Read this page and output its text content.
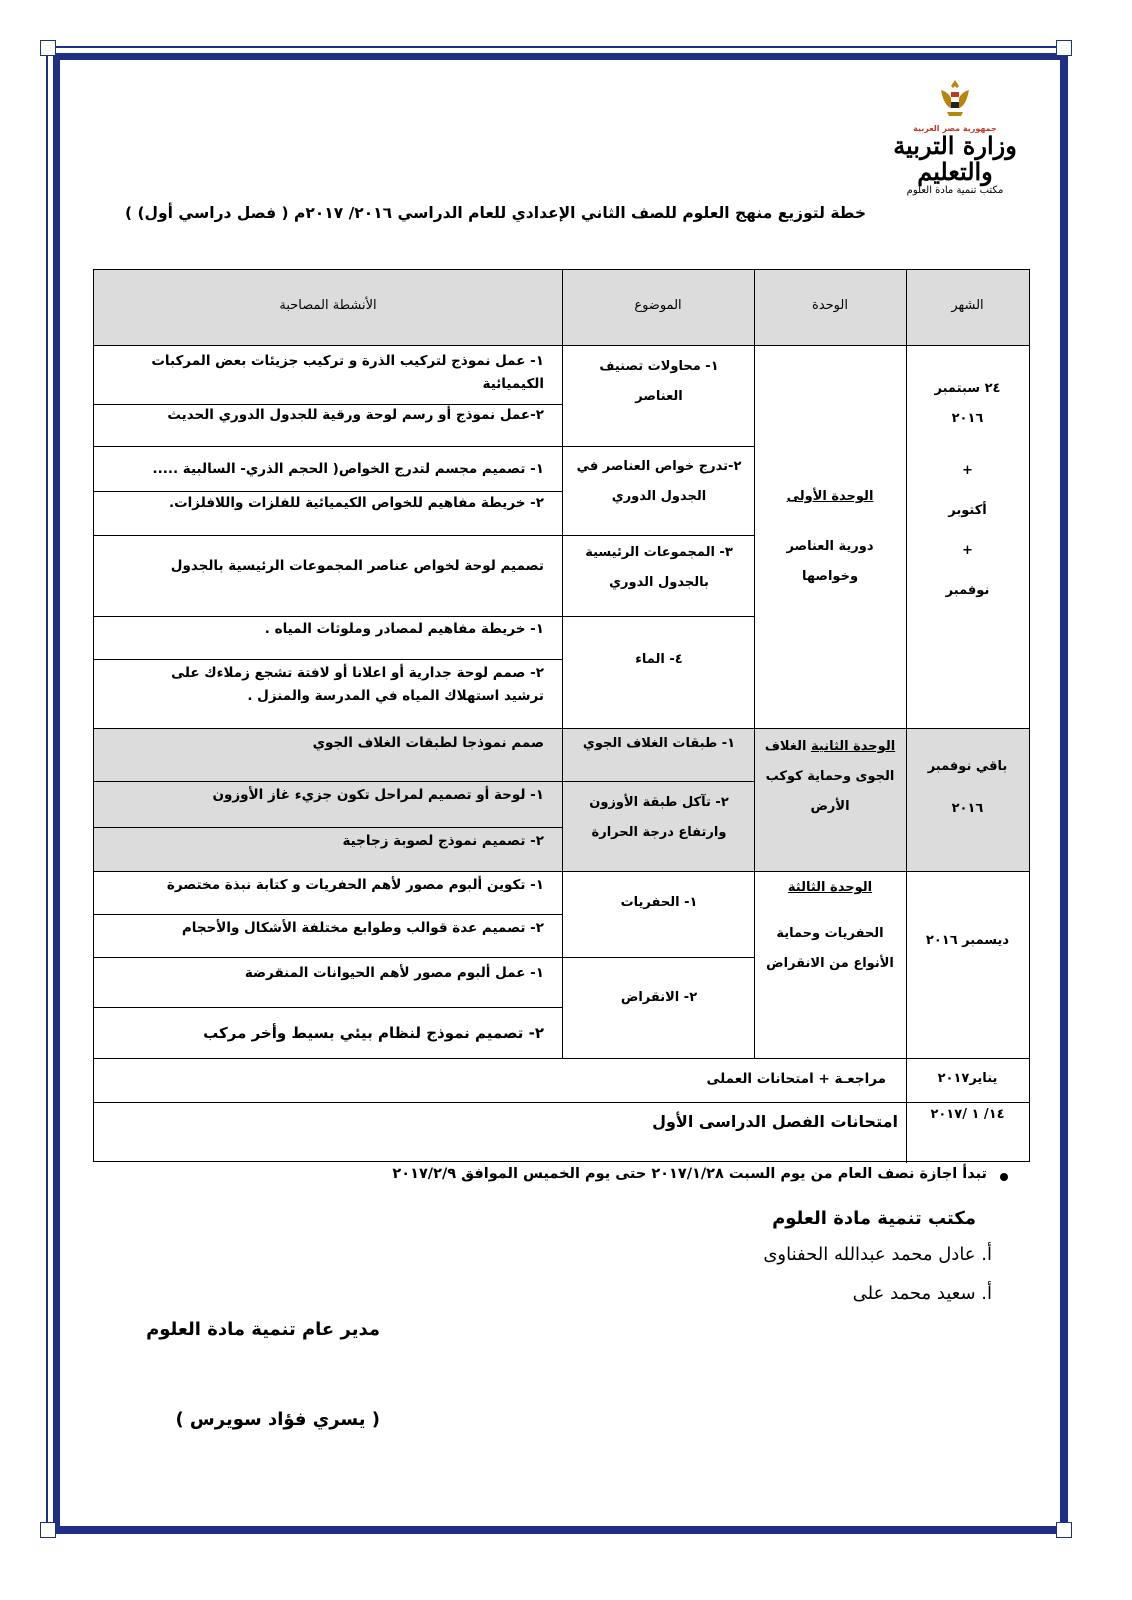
جمهورية مصر العربية
وزارة التربية والتعليم
مكتب تنمية مادة العلوم
خطة لتوزيع منهج العلوم للصف الثاني الإعدادي للعام الدراسي ٢٠١٦/ ٢٠١٧م ( فصل دراسي أول) )
الشهر
الوحدة
الموضوع
الأنشطة المصاحبة
٢٤ سبتمبر
٢٠١٦
+
أكتوبر
+
نوفمبر
الوحدة الأولى
دورية العناصر وخواصها
١- محاولات تصنيف العناصر
٢-تدرج خواص العناصر في الجدول الدوري
٣- المجموعات الرئيسية بالجدول الدوري
٤- الماء
١- عمل نموذج لتركيب الذرة و تركيب جزيئات بعض المركبات الكيميائية
٢-عمل نموذج أو رسم لوحة ورقية للجدول الدوري الحديث
١- تصميم مجسم لتدرج الخواص( الحجم الذري- السالبية .....
٢- خريطة مفاهيم للخواص الكيميائية للفلزات واللافلزات.
تصميم لوحة لخواص عناصر المجموعات الرئيسية بالجدول
١- خريطة مفاهيم لمصادر وملوثات المياه .
٢- صمم لوحة جدارية أو اعلانا أو لافتة تشجع زملاءك على ترشيد استهلاك المياه في المدرسة والمنزل .
باقي نوفمبر
٢٠١٦
الوحدة الثانية الغلاف الجوى وحماية كوكب الأرض
١- طبقات الغلاف الجوي
٢- تآكل طبقة الأوزون وارتفاع درجة الحرارة
صمم نموذجا لطبقات الغلاف الجوي
١- لوحة أو تصميم لمراحل تكون جزيء غاز الأوزون
٢- تصميم نموذج لصوبة زجاجية
ديسمبر ٢٠١٦
الوحدة الثالثة
الحفريات وحماية الأنواع من الانقراض
١- الحفريات
٢- الانقراض
١- تكوين ألبوم مصور لأهم الحفريات و كتابة نبذة مختصرة
٢- تصميم عدة قوالب وطوابع مختلفة الأشكال والأحجام
١- عمل ألبوم مصور لأهم الحيوانات المنقرضة
٢- تصميم نموذج لنظام بيئي بسيط وأخر مركب
يناير٢٠١٧
مراجعـة + امتحانات العملى
١٤/ ١ /٢٠١٧
امتحانات الفصل الدراسى الأول
تبدأ اجازة نصف العام من يوم السبت ٢٠١٧/١/٢٨ حتى يوم الخميس الموافق ٢٠١٧/٢/٩
مكتب تنمية مادة العلوم
أ. عادل محمد عبدالله الحفناوى
أ. سعيد محمد على
مدير عام تنمية مادة العلوم
( يسري فؤاد سويرس )
